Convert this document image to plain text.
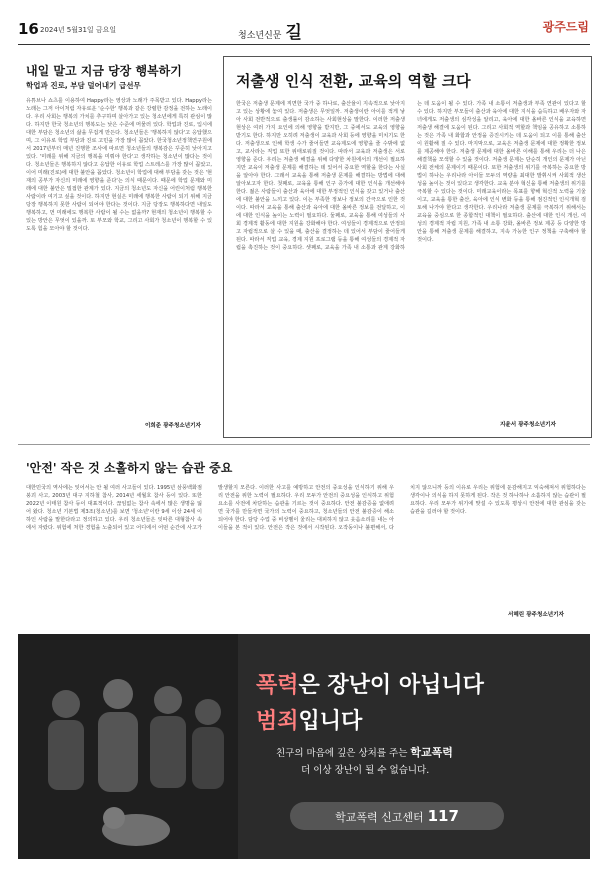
16 2024년 5월31일 금요일
청소년신문 길	광주드림
내일 말고 지금 당장 행복하기
학업과 진로, 부담 덜어내기 급선무
유튜브나 쇼츠를 이용하여 Happy라는 영상과 노래가 주목받고 있다. Happy라는 노래는 그저 아이처럼 자유로운 '순수한' 행복과 같은 강렬한 감정을 전하는 노래이다. 우리 사회는 행복의 가치를 추구하며 살아가고 있는 청소년에게 특히 관심이 많다. 하지만 한국 청소년의 행복도는 낮은 수준에 머물러 있다. 학업과 진로, 입시에 대한 부담은 청소년의 삶을 무겁게 만든다. 청소년들은 '행복하지 않다'고 응답했으며, 그 이유로 학업 부담과 진로 고민을 가장 많이 꼽았다. 한국청소년정책연구원에서 2017년부터 매년 진행한 조사에 따르면 청소년들의 행복감은 꾸준히 낮아지고 있다. '미래를 위해 지금의 행복을 미뤄야 한다'고 생각하는 청소년이 많다는 것이다. 청소년들은 행복하지 않다고 응답한 이유로 학업 스트레스를 가장 많이 꼽았고, 이어 미래(진로)에 대한 불안을 꼽았다. 청소년이 학업에 대해 부담을 갖는 것은 '현재의 공부가 자신의 미래에 영향을 준다'는 의식 때문이다. 때문에 학업 문제와 미래에 대한 불안은 밀접한 관계가 있다. 지금의 청소년도 자신을 어린이처럼 행복한 사람이라 여기고 싶을 것이다. 하지만 현실은 미래에 행복한 사람이 되기 위해 지금 당장 행복하지 못한 사람이 되어야 한다는 것이다. 지금 당장도 행복하다면 내일도 행복하고, 먼 미래에도 행복한 사람이 될 수는 없을까? 현재의 청소년이 행복할 수 있는 방안은 무엇이 있을까. 또 부모와 학교, 그리고 사회가 청소년이 행복할 수 있도록 힘을 모아야 할 것이다.
이희준 광주청소년기자
저출생 인식 전환, 교육의 역할 크다
한국은 저출생 문제에 직면한 국가 중 하나로, 출산율이 지속적으로 낮아지고 있는 상황에 놓여 있다. 저출생은 무엇일까. 저출생이란 아이를 적게 낳아 사회 전반적으로 출생률이 감소하는 사회현상을 말한다. 이러한 저출생 현상은 여러 가지 요인에 의해 영향을 받지만, 그 중에서도 교육의 영향을 받기도 한다. 하지만 오히려 저출생이 교육과 사회 등에 영향을 미치기도 한다. 저출생으로 인해 학생 수가 줄어들면 교육제도에 영향을 줄 수밖에 없고, 교사라는 직업 또한 위태로워질 것이다. 따라서 교육과 저출생은 서로 영향을 준다. 우리는 저출생 해결을 위해 다양한 차원에서의 개선이 필요하지만 교육이 저출생 문제를 해결하는 데 있어서 중요한 역할을 한다는 사실을 알아야 한다. 그래서 교육을 통해 저출생 문제를 해결하는 방법에 대해 알아보고자 한다. 첫째로, 교육을 통해 인구 증가에 대한 인식을 개선해야 한다. 젊은 사람들이 출산과 육아에 대한 부정적인 인식을 갖고 있거나 출산에 대한 불안을 느끼고 있다. 이는 부족한 정보나 정보의 간극으로 인한 것이다. 따라서 교육을 통해 출산과 육아에 대한 올바른 정보를 전달하고, 이에 대한 인식을 높이는 노력이 필요하다. 둘째로, 교육을 통해 여성들의 사회 경제적 활동에 대한 지원을 강화해야 한다. 여성들이 경제적으로 안정되고 자립적으로 살 수 있을 때, 출산을 결정하는 데 있어서 부담이 줄어들게 된다. 따라서 직업 교육, 경제 지원 프로그램 등을 통해 여성들의 경제적 자립을 촉진하는 것이 중요하다. 셋째로, 교육을 가족 내 소통과 관계 강화하는 데 도움이 될 수 있다. 가족 내 소통이 저출생과 부족 연관이 있다고 할 수 있다. 하지만 부모들이 출산과 육아에 대한 지식을 습득하고 배우자와 자녀에게도 저출생의 심각성을 알리고, 육아에 대한 올바른 인식을 교육하면 저출생 해결에 도움이 된다. 그리고 사회적 역할과 책임을 공유하고 소통하는 것은 가족 내 화합과 안정을 증진시키는 데 도움이 되고 이를 통해 출산이 원활해 질 수 있다. 마지막으로, 교육은 저출생 문제에 대한 정확한 정보를 제공해야 한다. 저출생 문제에 대한 올바른 이해를 통해 우리는 더 나은 해결책을 모색할 수 있을 것이다. 저출생 문제는 단순히 개인의 문제가 아닌 사회 전체의 문제이기 때문이다. 또한 저출생의 위기를 극복하는 중요한 방법이 하나는 우리나라 아이들 모두의 역량을 최대한 발휘시켜 사회적 생산성을 높이는 것이 있다고 생각한다. 교육 분야 혁신을 통해 저출생의 위기를 극복할 수 있다는 것이다. 미래교육이라는 목표를 향해 혁신적 노력을 기울이고, 교육을 통한 출산, 육아에 인식 변화 등을 통해 점진적인 인식개혁 검토해 나가야 한다고 생각한다. 우리나라 저출생 문제를 극복하기 위해서는 교육을 중심으로 한 종합적인 대책이 필요하다. 출산에 대한 인식 개선, 여성의 경제적 자립 지원, 가족 내 소통 강화, 올바른 정보 제공 등 다양한 방안을 통해 저출생 문제를 해결하고, 지속 가능한 인구 정책을 구축해야 할 것이다.
지윤서 광주청소년기자
'안전' 작은 것 소홀하지 않는 습관 중요
대한민국의 역사에는 잊어서는 안 될 여러 사고들이 있다. 1995년 삼풍백화점 붕괴 사고, 2003년 대구 지하철 참사, 2014년 세월호 참사 등이 있다. 또한 2022년 이태원 참사 등이 대표적이다. 끊임없는 참사 속에서 많은 생명을 잃어 왔다. 청소년 기본법 제3조(청소년)를 보면 '청소년'이란 9세 이상 24세 이하인 사람을 말한다라고 정의하고 있다. 우리 청소년들은 잇따른 대형참사 속에서 자랐다. 위험에 처한 경험을 노출되어 있고 어디에서 어떤 순간에 사고가 발생할지 모른다. 이러한 사고를 예방하고 안전의 중요성을 인식하기 위해 우리 안전을 위한 노력이 필요하다. 우리 모두가 안전의 중요성을 인식하고 위험 요소를 사전에 차단하는 습관을 기르는 것이 중요하다. 안전 불감증을 없애려면 국가를 만들자면 국가의 노력이 중요하고, 청소년들의 안전 불감증이 해소되어야 한다. 담당 수업 중 비상벨이 울리는 대피하지 않고 웃음소리를 내는 아이들을 본 적이 있다. 안전은 작은 것에서 시작된다. 오작동이나 불편해서, 다치지 않으니까 등의 이유로 우리는 위험에 둔감해지고 익숙해져서 위험하다는 생각이나 의식을 하지 못하게 된다. 작은 것 하나하나 소홀하지 않는 습관이 필요하다. 우리 모두가 위기에 맞설 수 있도록 평상시 안전에 대한 관심을 갖는 습관을 길러야 할 것이다.
서혜린 광주청소년기자
폭력은 장난이 아닙니다
범죄입니다
친구의 마음에 깊은 상처를 주는 학교폭력
더 이상 장난이 될 수 없습니다.
학교폭력 신고센터 117
